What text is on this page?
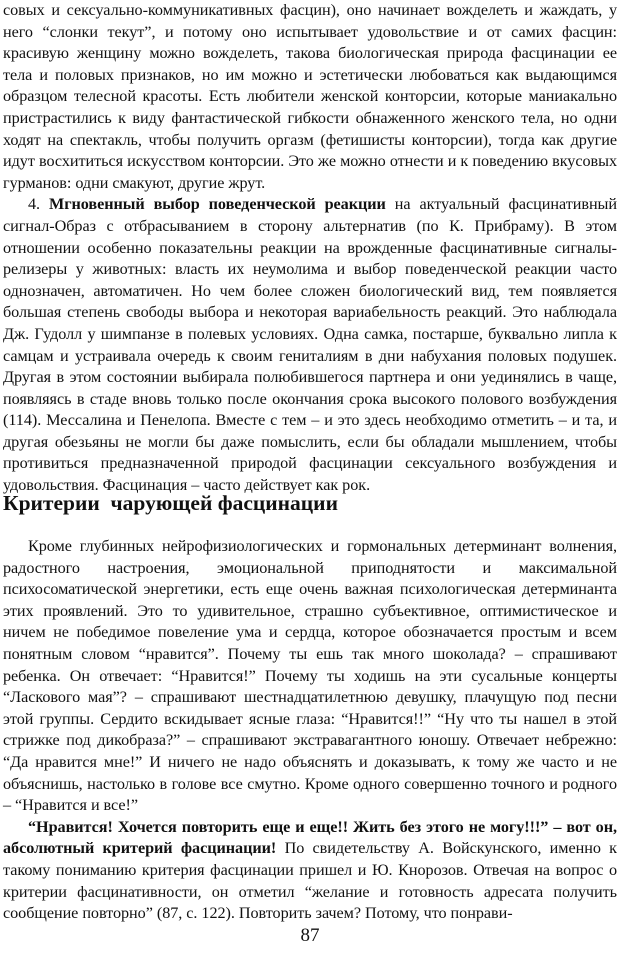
совых и сексуально-коммуникативных фасцин), оно начинает вожделеть и жаждать, у него “слонки текут”, и потому оно испытывает удовольствие и от самих фасцин: красивую женщину можно вожделеть, такова биологическая природа фасцинации ее тела и половых признаков, но им можно и эстетически любоваться как выдающимся образцом телесной красоты. Есть любители женской конторсии, которые маниакально пристрастились к виду фантастической гибкости обнаженного женского тела, но одни ходят на спектакль, чтобы получить оргазм (фетишисты конторсии), тогда как другие идут восхититься искусством конторсии. Это же можно отнести и к поведению вкусовых гурманов: одни смакуют, другие жрут.

4. Мгновенный выбор поведенческой реакции на актуальный фасцинативный сигнал-Образ с отбрасыванием в сторону альтернатив (по К. Прибраму). В этом отношении особенно показательны реакции на врожденные фасцинативные сигналы-релизеры у животных: власть их неумолима и выбор поведенческой реакции часто однозначен, автоматичен. Но чем более сложен биологический вид, тем появляется большая степень свободы выбора и некоторая вариабельность реакций. Это наблюдала Дж. Гудолл у шимпанзе в полевых условиях. Одна самка, постарше, буквально липла к самцам и устраивала очередь к своим гениталиям в дни набухания половых подушек. Другая в этом состоянии выбирала полюбившегося партнера и они уединялись в чаще, появляясь в стаде вновь только после окончания срока высокого полового возбуждения (114). Мессалина и Пенелопа. Вместе с тем – и это здесь необходимо отметить – и та, и другая обезьяны не могли бы даже помыслить, если бы обладали мышлением, чтобы противиться предназначенной природой фасцинации сексуального возбуждения и удовольствия. Фасцинация – часто действует как рок.

Критерии  чарующей фасцинации

Кроме глубинных нейрофизиологических и гормональных детерминант волнения, радостного настроения, эмоциональной приподнятости и максимальной психосоматической энергетики, есть еще очень важная психологическая детерминанта этих проявлений. Это то удивительное, страшно субъективное, оптимистическое и ничем не победимое повеление ума и сердца, которое обозначается простым и всем понятным словом “нравится”. Почему ты ешь так много шоколада? – спрашивают ребенка. Он отвечает: “Нравится!” Почему ты ходишь на эти сусальные концерты “Ласкового мая”? – спрашивают шестнадцатилетнюю девушку, плачущую под песни этой группы. Сердито вскидывает ясные глаза: “Нравится!!” “Ну что ты нашел в этой стрижке под дикобраза?” – спрашивают экстравагантного юношу. Отвечает небрежно: “Да нравится мне!” И ничего не надо объяснять и доказывать, к тому же часто и не объяснишь, настолько в голове все смутно. Кроме одного совершенно точного и родного – “Нравится и все!”

“Нравится! Хочется повторить еще и еще!! Жить без этого не могу!!!” – вот он, абсолютный критерий фасцинации! По свидетельству А. Войскунского, именно к такому пониманию критерия фасцинации пришел и Ю. Кнорозов. Отвечая на вопрос о критерии фасцинативности, он отметил “желание и готовность адресата получить сообщение повторно” (87, с. 122). Повторить зачем? Потому, что понрави-

87
